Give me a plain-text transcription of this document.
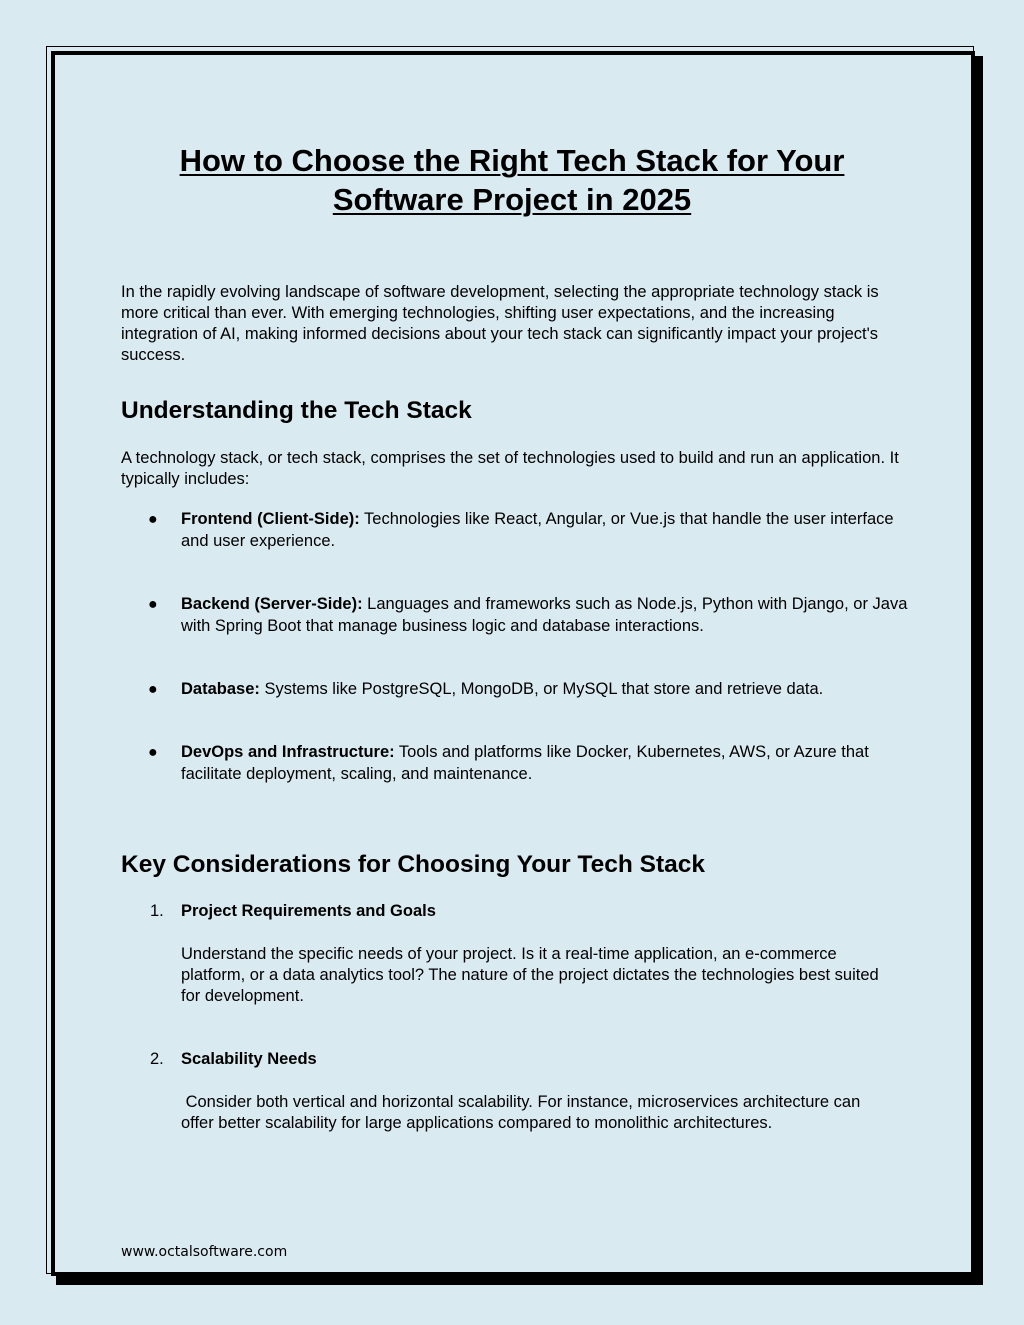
How to Choose the Right Tech Stack for Your Software Project in 2025

In the rapidly evolving landscape of software development, selecting the appropriate technology stack is more critical than ever. With emerging technologies, shifting user expectations, and the increasing integration of AI, making informed decisions about your tech stack can significantly impact your project's success.

Understanding the Tech Stack

A technology stack, or tech stack, comprises the set of technologies used to build and run an application. It typically includes:

● Frontend (Client-Side): Technologies like React, Angular, or Vue.js that handle the user interface and user experience.
● Backend (Server-Side): Languages and frameworks such as Node.js, Python with Django, or Java with Spring Boot that manage business logic and database interactions.
● Database: Systems like PostgreSQL, MongoDB, or MySQL that store and retrieve data.
● DevOps and Infrastructure: Tools and platforms like Docker, Kubernetes, AWS, or Azure that facilitate deployment, scaling, and maintenance.
Key Considerations for Choosing Your Tech Stack
1. Project Requirements and Goals
Understand the specific needs of your project. Is it a real-time application, an e-commerce platform, or a data analytics tool? The nature of the project dictates the technologies best suited for development.
2. Scalability Needs
Consider both vertical and horizontal scalability. For instance, microservices architecture can offer better scalability for large applications compared to monolithic architectures.
www.octalsoftware.com
